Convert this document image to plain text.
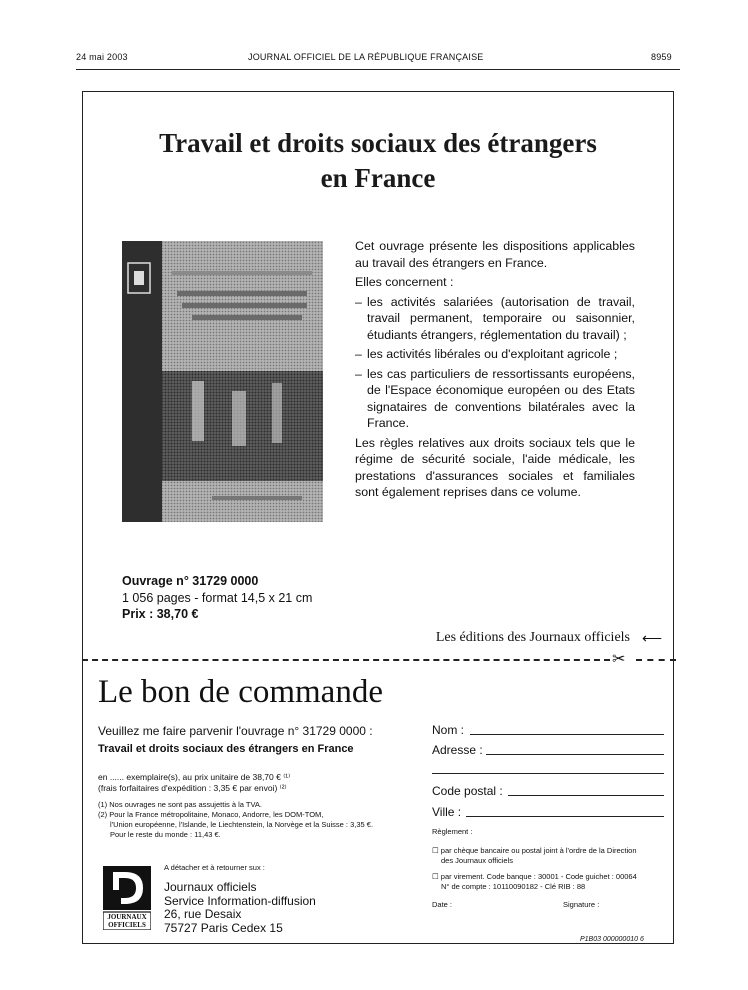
24 mai 2003	JOURNAL OFFICIEL DE LA RÉPUBLIQUE FRANÇAISE	8959
Travail et droits sociaux des étrangers
en France

Cet ouvrage présente les dispositions applicables au travail des étrangers en France.

Elles concernent :

– les activités salariées (autorisation de travail, travail permanent, temporaire ou saisonnier, étudiants étrangers, réglementation du travail) ;
– les activités libérales ou d'exploitant agricole ;
– les cas particuliers de ressortissants européens, de l'Espace économique européen ou des Etats signataires de conventions bilatérales avec la France.

Les règles relatives aux droits sociaux tels que le régime de sécurité sociale, l'aide médicale, les prestations d'assurances sociales et familiales sont également reprises dans ce volume.

Ouvrage n° 31729 0000
1 056 pages - format 14,5 x 21 cm
Prix : 38,70 €
Les éditions des Journaux officiels ⟵
✂
Le bon de commande
Veuillez me faire parvenir l'ouvrage n° 31729 0000 :
Travail et droits sociaux des étrangers en France
en ...... exemplaire(s), au prix unitaire de 38,70 € ⁽¹⁾
(frais forfaitaires d'expédition : 3,35 € par envoi) ⁽²⁾
(1) Nos ouvrages ne sont pas assujettis à la TVA.
(2) Pour la France métropolitaine, Monaco, Andorre, les DOM-TOM,
l'Union européenne, l'Islande, le Liechtenstein, la Norvège et la Suisse : 3,35 €.
Pour le reste du monde : 11,43 €.
A détacher et à retourner sux :
Journaux officiels
Service Information-diffusion
26, rue Desaix
75727 Paris Cedex 15
JOURNAUX
OFFICIELS
Nom :
Adresse :
Code postal :
Ville :
Règlement :
☐ par chèque bancaire ou postal joint à l'ordre de la Direction
des Journaux officiels
☐ par virement. Code banque : 30001 - Code guichet : 00064
N° de compte : 10110090182 - Clé RIB : 88
Date :	Signature :
P1B03 000000010 6
